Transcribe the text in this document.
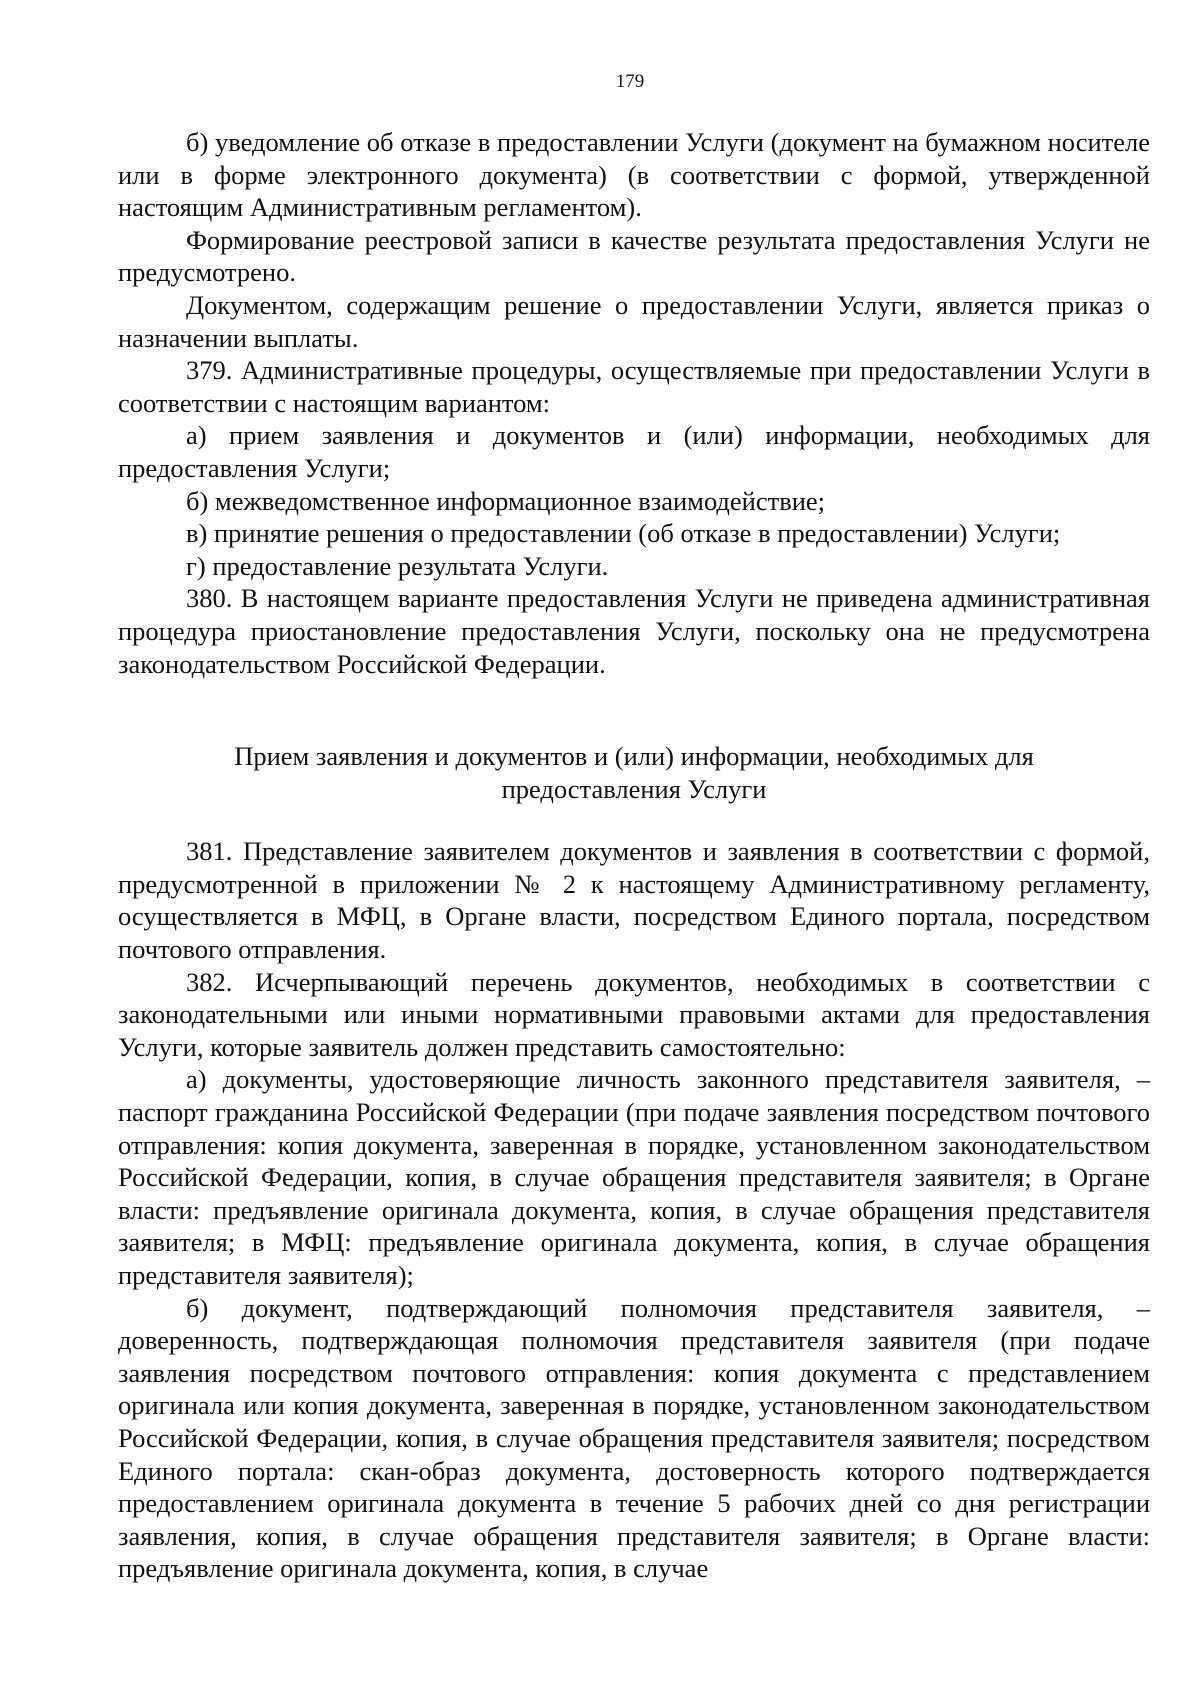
179

б) уведомление об отказе в предоставлении Услуги (документ на бумажном носителе или в форме электронного документа) (в соответствии с формой, утвержденной настоящим Административным регламентом).

Формирование реестровой записи в качестве результата предоставления Услуги не предусмотрено.

Документом, содержащим решение о предоставлении Услуги, является приказ о назначении выплаты.

379. Административные процедуры, осуществляемые при предоставлении Услуги в соответствии с настоящим вариантом:

а) прием заявления и документов и (или) информации, необходимых для предоставления Услуги;

б) межведомственное информационное взаимодействие;

в) принятие решения о предоставлении (об отказе в предоставлении) Услуги;

г) предоставление результата Услуги.

380. В настоящем варианте предоставления Услуги не приведена административная процедура приостановление предоставления Услуги, поскольку она не предусмотрена законодательством Российской Федерации.

Прием заявления и документов и (или) информации, необходимых для предоставления Услуги

381. Представление заявителем документов и заявления в соответствии с формой, предусмотренной в приложении № 2 к настоящему Административному регламенту, осуществляется в МФЦ, в Органе власти, посредством Единого портала, посредством почтового отправления.

382. Исчерпывающий перечень документов, необходимых в соответствии с законодательными или иными нормативными правовыми актами для предоставления Услуги, которые заявитель должен представить самостоятельно:

а) документы, удостоверяющие личность законного представителя заявителя, – паспорт гражданина Российской Федерации (при подаче заявления посредством почтового отправления: копия документа, заверенная в порядке, установленном законодательством Российской Федерации, копия, в случае обращения представителя заявителя; в Органе власти: предъявление оригинала документа, копия, в случае обращения представителя заявителя; в МФЦ: предъявление оригинала документа, копия, в случае обращения представителя заявителя);

б) документ, подтверждающий полномочия представителя заявителя, – доверенность, подтверждающая полномочия представителя заявителя (при подаче заявления посредством почтового отправления: копия документа с представлением оригинала или копия документа, заверенная в порядке, установленном законодательством Российской Федерации, копия, в случае обращения представителя заявителя; посредством Единого портала: скан-образ документа, достоверность которого подтверждается предоставлением оригинала документа в течение 5 рабочих дней со дня регистрации заявления, копия, в случае обращения представителя заявителя; в Органе власти: предъявление оригинала документа, копия, в случае
